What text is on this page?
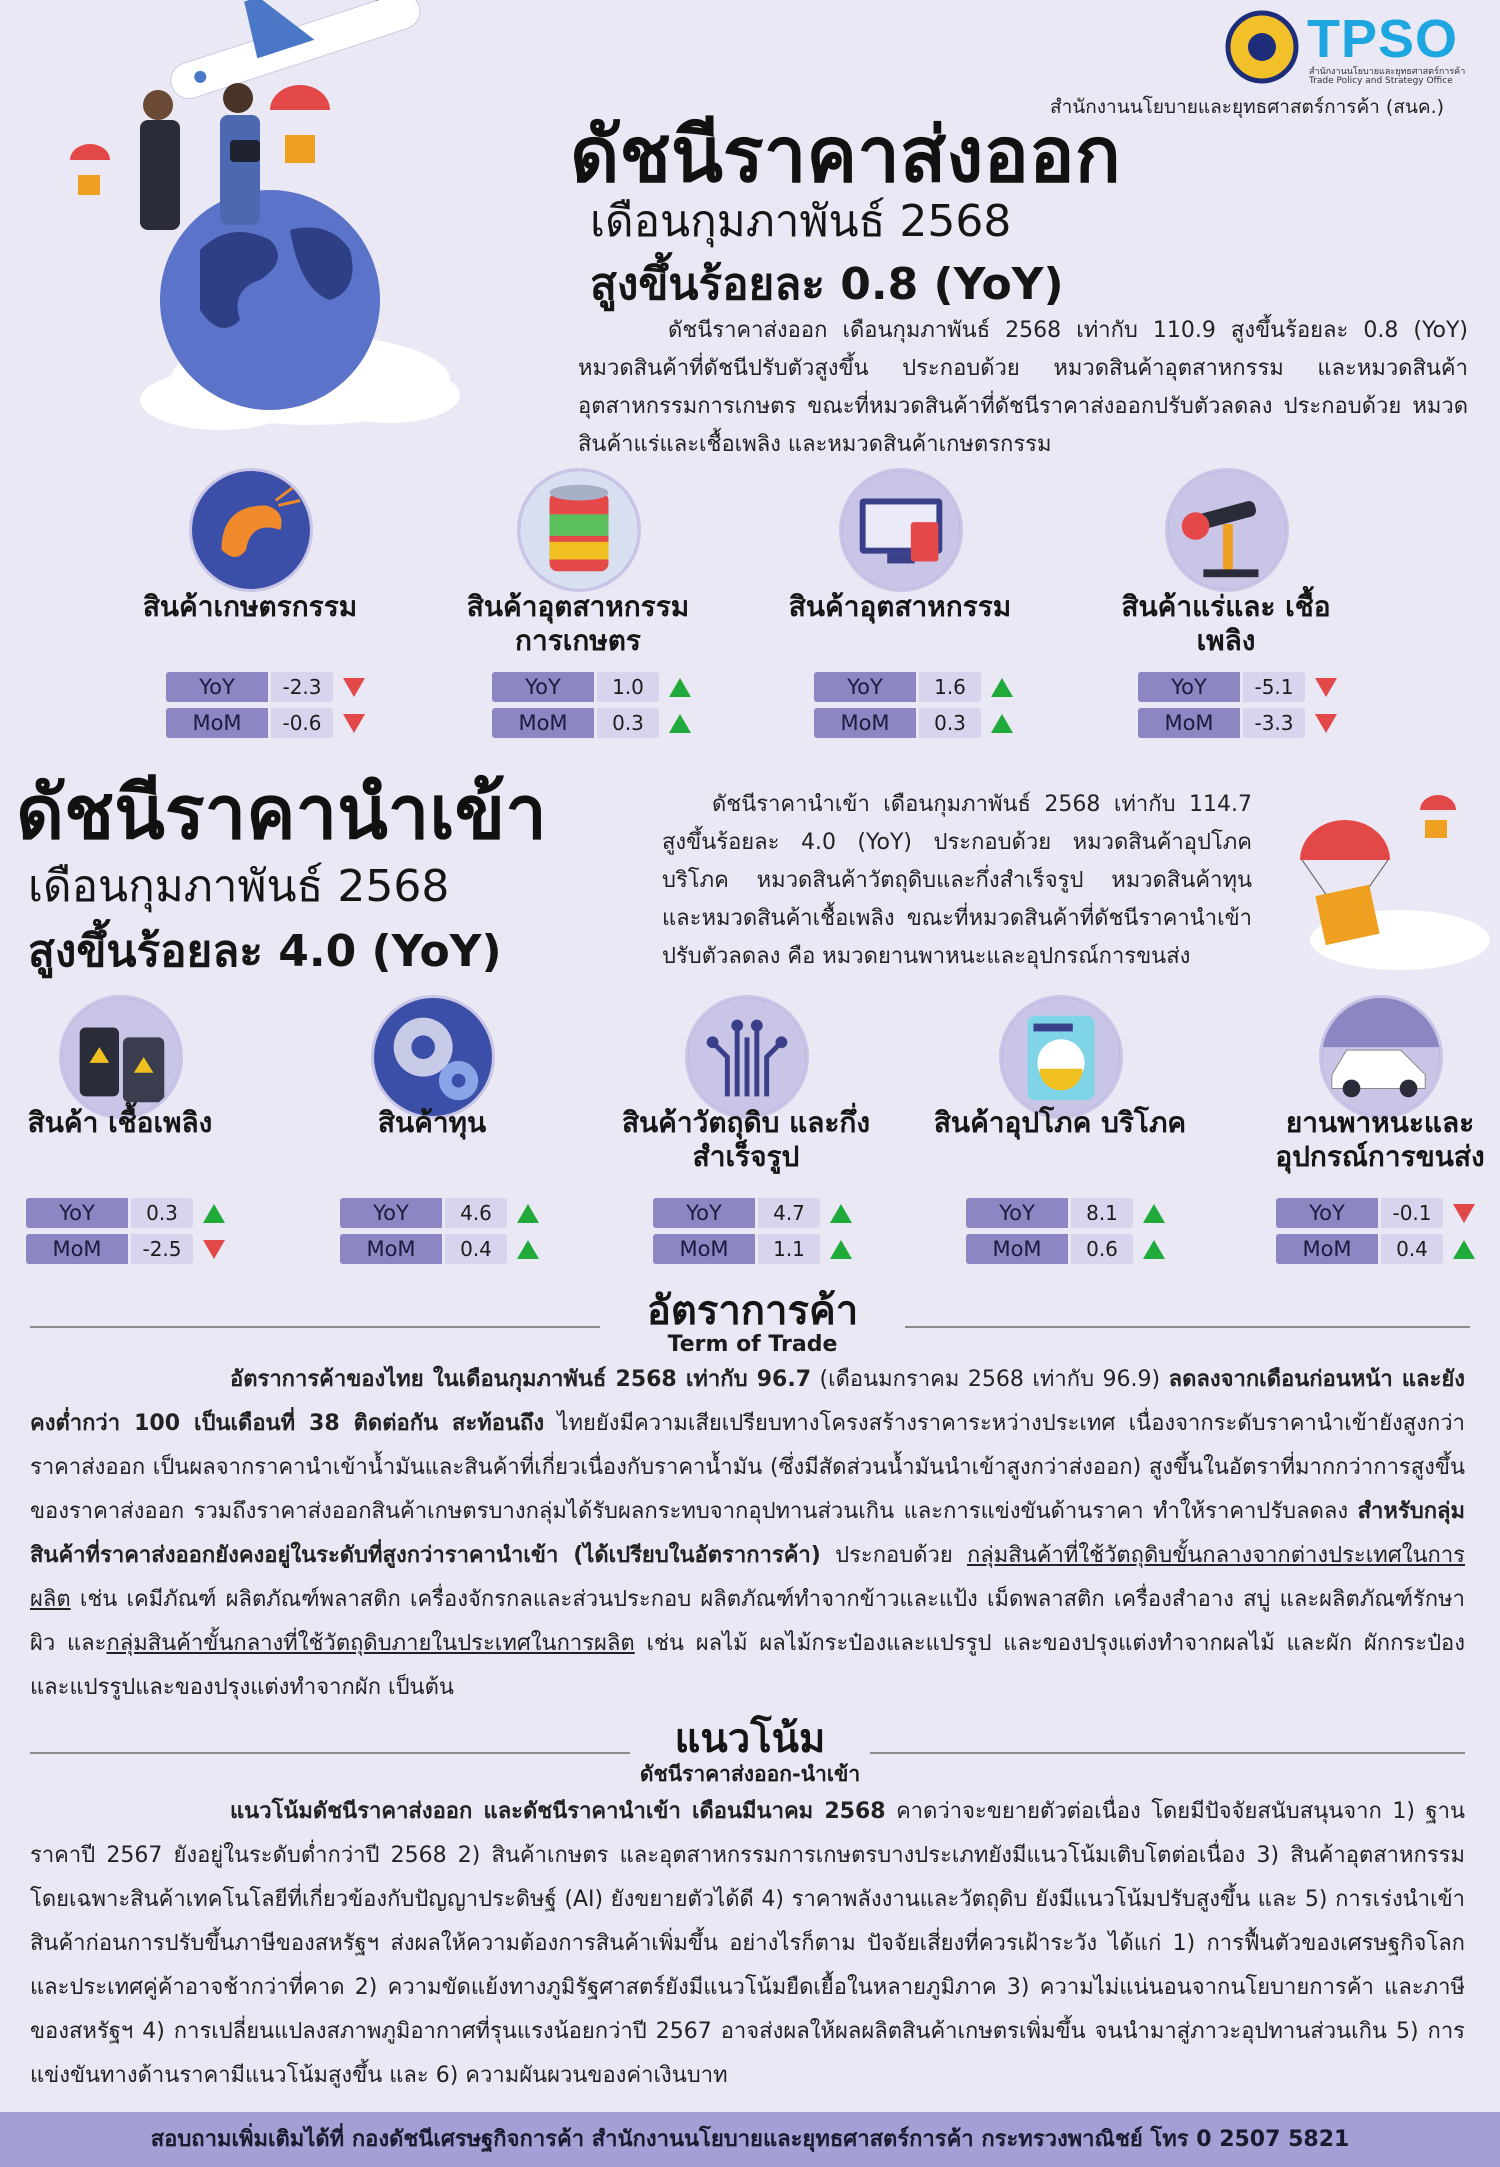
TPSO
สำนักงานนโยบายและยุทธศาสตร์การค้า
Trade Policy and Strategy Office
สำนักงานนโยบายและยุทธศาสตร์การค้า (สนค.)
ดัชนีราคาส่งออก
เดือนกุมภาพันธ์ 2568
สูงขึ้นร้อยละ 0.8 (YoY)
ดัชนีราคาส่งออก เดือนกุมภาพันธ์ 2568 เท่ากับ 110.9 สูงขึ้นร้อยละ 0.8 (YoY) หมวดสินค้าที่ดัชนีปรับตัวสูงขึ้น ประกอบด้วย หมวดสินค้าอุตสาหกรรม และหมวดสินค้าอุตสาหกรรมการเกษตร ขณะที่หมวดสินค้าที่ดัชนีราคาส่งออกปรับตัวลดลง ประกอบด้วย หมวดสินค้าแร่และเชื้อเพลิง และหมวดสินค้าเกษตรกรรม
สินค้าเกษตรกรรม
YoY	-2.3
MoM	-0.6
สินค้าอุตสาหกรรม การเกษตร
YoY	1.0
MoM	0.3
สินค้าอุตสาหกรรม
YoY	1.6
MoM	0.3
สินค้าแร่และ เชื้อเพลิง
YoY	-5.1
MoM	-3.3
ดัชนีราคานำเข้า
เดือนกุมภาพันธ์ 2568
สูงขึ้นร้อยละ 4.0 (YoY)
ดัชนีราคานำเข้า เดือนกุมภาพันธ์ 2568 เท่ากับ 114.7 สูงขึ้นร้อยละ 4.0 (YoY) ประกอบด้วย หมวดสินค้าอุปโภคบริโภค หมวดสินค้าวัตถุดิบและกึ่งสำเร็จรูป หมวดสินค้าทุน และหมวดสินค้าเชื้อเพลิง ขณะที่หมวดสินค้าที่ดัชนีราคานำเข้าปรับตัวลดลง คือ หมวดยานพาหนะและอุปกรณ์การขนส่ง
สินค้า เชื้อเพลิง
YoY	0.3
MoM	-2.5
สินค้าทุน
YoY	4.6
MoM	0.4
สินค้าวัตถุดิบ และกึ่งสำเร็จรูป
YoY	4.7
MoM	1.1
สินค้าอุปโภค บริโภค
YoY	8.1
MoM	0.6
ยานพาหนะและ อุปกรณ์การขนส่ง
YoY	-0.1
MoM	0.4
อัตราการค้า
Term of Trade
อัตราการค้าของไทย ในเดือนกุมภาพันธ์ 2568 เท่ากับ 96.7 (เดือนมกราคม 2568 เท่ากับ 96.9) ลดลงจากเดือนก่อนหน้า และยังคงต่ำกว่า 100 เป็นเดือนที่ 38 ติดต่อกัน สะท้อนถึง ไทยยังมีความเสียเปรียบทางโครงสร้างราคาระหว่างประเทศ เนื่องจากระดับราคานำเข้ายังสูงกว่าราคาส่งออก เป็นผลจากราคานำเข้าน้ำมันและสินค้าที่เกี่ยวเนื่องกับราคาน้ำมัน (ซึ่งมีสัดส่วนน้ำมันนำเข้าสูงกว่าส่งออก) สูงขึ้นในอัตราที่มากกว่าการสูงขึ้นของราคาส่งออก รวมถึงราคาส่งออกสินค้าเกษตรบางกลุ่มได้รับผลกระทบจากอุปทานส่วนเกิน และการแข่งขันด้านราคา ทำให้ราคาปรับลดลง สำหรับกลุ่มสินค้าที่ราคาส่งออกยังคงอยู่ในระดับที่สูงกว่าราคานำเข้า (ได้เปรียบในอัตราการค้า) ประกอบด้วย กลุ่มสินค้าที่ใช้วัตถุดิบขั้นกลางจากต่างประเทศในการผลิต เช่น เคมีภัณฑ์ ผลิตภัณฑ์พลาสติก เครื่องจักรกลและส่วนประกอบ ผลิตภัณฑ์ทำจากข้าวและแป้ง เม็ดพลาสติก เครื่องสำอาง สบู่ และผลิตภัณฑ์รักษาผิว และกลุ่มสินค้าขั้นกลางที่ใช้วัตถุดิบภายในประเทศในการผลิต เช่น ผลไม้ ผลไม้กระป๋องและแปรรูป และของปรุงแต่งทำจากผลไม้ และผัก ผักกระป๋องและแปรรูปและของปรุงแต่งทำจากผัก เป็นต้น
แนวโน้ม
ดัชนีราคาส่งออก-นำเข้า
แนวโน้มดัชนีราคาส่งออก และดัชนีราคานำเข้า เดือนมีนาคม 2568 คาดว่าจะขยายตัวต่อเนื่อง โดยมีปัจจัยสนับสนุนจาก 1) ฐานราคาปี 2567 ยังอยู่ในระดับต่ำกว่าปี 2568 2) สินค้าเกษตร และอุตสาหกรรมการเกษตรบางประเภทยังมีแนวโน้มเติบโตต่อเนื่อง 3) สินค้าอุตสาหกรรม โดยเฉพาะสินค้าเทคโนโลยีที่เกี่ยวข้องกับปัญญาประดิษฐ์ (AI) ยังขยายตัวได้ดี 4) ราคาพลังงานและวัตถุดิบ ยังมีแนวโน้มปรับสูงขึ้น และ 5) การเร่งนำเข้าสินค้าก่อนการปรับขึ้นภาษีของสหรัฐฯ ส่งผลให้ความต้องการสินค้าเพิ่มขึ้น อย่างไรก็ตาม ปัจจัยเสี่ยงที่ควรเฝ้าระวัง ได้แก่ 1) การฟื้นตัวของเศรษฐกิจโลกและประเทศคู่ค้าอาจช้ากว่าที่คาด 2) ความขัดแย้งทางภูมิรัฐศาสตร์ยังมีแนวโน้มยืดเยื้อในหลายภูมิภาค 3) ความไม่แน่นอนจากนโยบายการค้า และภาษีของสหรัฐฯ 4) การเปลี่ยนแปลงสภาพภูมิอากาศที่รุนแรงน้อยกว่าปี 2567 อาจส่งผลให้ผลผลิตสินค้าเกษตรเพิ่มขึ้น จนนำมาสู่ภาวะอุปทานส่วนเกิน 5) การแข่งขันทางด้านราคามีแนวโน้มสูงขึ้น และ 6) ความผันผวนของค่าเงินบาท
สอบถามเพิ่มเติมได้ที่ กองดัชนีเศรษฐกิจการค้า สำนักงานนโยบายและยุทธศาสตร์การค้า กระทรวงพาณิชย์ โทร 0 2507 5821
